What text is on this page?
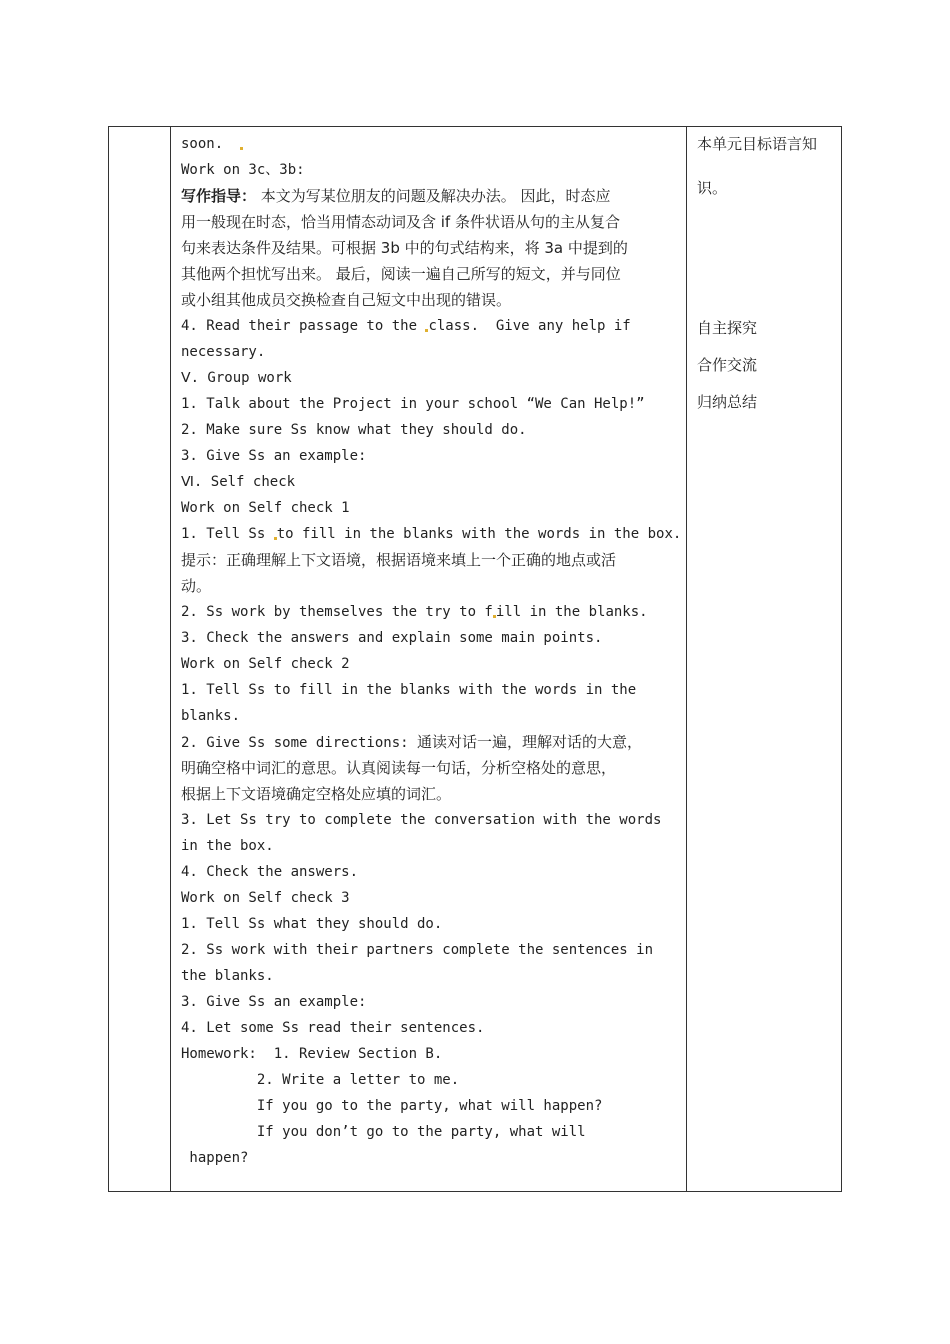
soon.
Work on 3c、3b:
写作指导： 本文为写某位朋友的问题及解决办法。 因此，时态应
用一般现在时态，恰当用情态动词及含 if 条件状语从句的主从复合
句来表达条件及结果。可根据 3b 中的句式结构来，将 3a 中提到的
其他两个担忧写出来。 最后，阅读一遍自己所写的短文，并与同位
或小组其他成员交换检查自己短文中出现的错误。
4. Read their passage to the class.  Give any help if
necessary.
Ⅴ. Group work
1. Talk about the Project in your school “We Can Help!”
2. Make sure Ss know what they should do.
3. Give Ss an example:
Ⅵ. Self check
Work on Self check 1
1. Tell Ss to fill in the blanks with the words in the box.
提示：正确理解上下文语境，根据语境来填上一个正确的地点或活
动。
2. Ss work by themselves the try to f ill in the blanks.
3. Check the answers and explain some main points.
Work on Self check 2
1. Tell Ss to fill in the blanks with the words in the
blanks.
2. Give Ss some directions: 通读对话一遍，理解对话的大意，
明确空格中词汇的意思。认真阅读每一句话，分析空格处的意思，
根据上下文语境确定空格处应填的词汇。
3. Let Ss try to complete the conversation with the words
in the box.
4. Check the answers.
Work on Self check 3
1. Tell Ss what they should do.
2. Ss work with their partners complete the sentences in
the blanks.
3. Give Ss an example:
4. Let some Ss read their sentences.
Homework:  1. Review Section B.
2. Write a letter to me.
If you go to the party, what will happen?
If you don’t go to the party, what will
happen?
本单元目标语言知
识。
自主探究
合作交流
归纳总结
